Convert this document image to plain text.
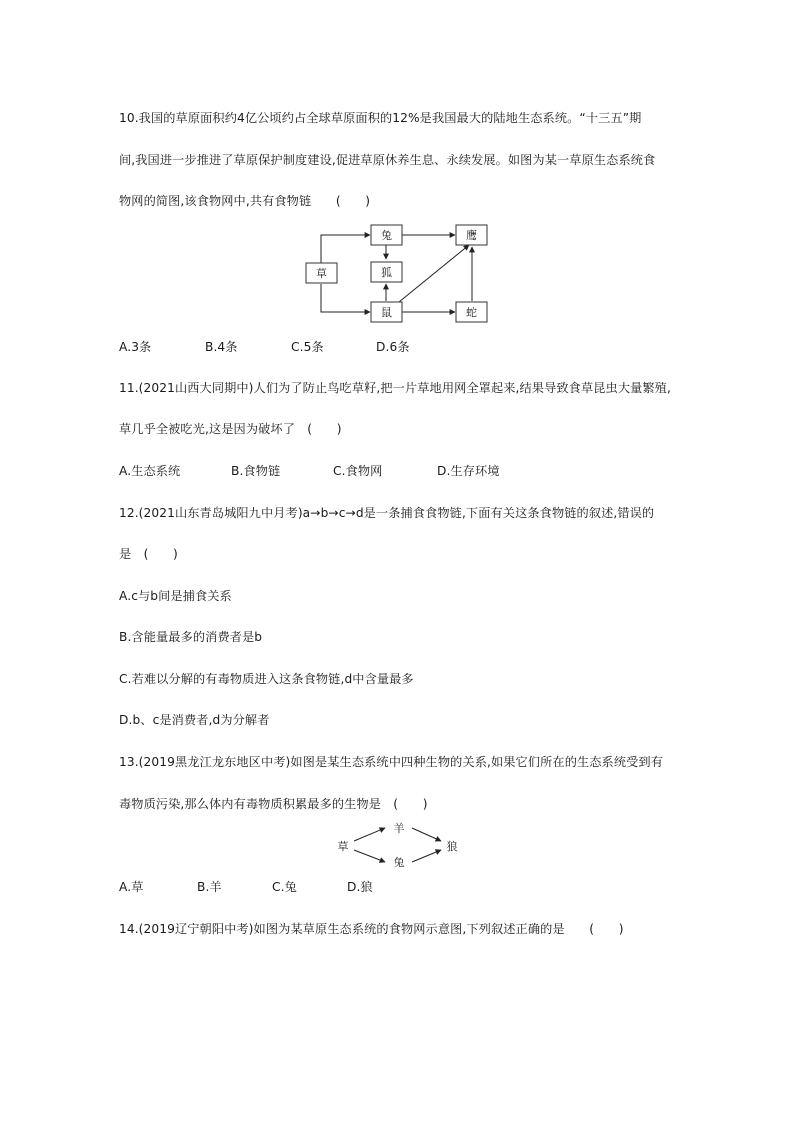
10.我国的草原面积约4亿公顷约占全球草原面积的12%是我国最大的陆地生态系统。“十三五”期
间,我国进一步推进了草原保护制度建设,促进草原休养生息、永续发展。如图为某一草原生态系统食
物网的简图,该食物网中,共有食物链　　(　　)
兔	鹰
草	狐
鼠	蛇
A.3条	B.4条	C.5条	D.6条
11.(2021山西大同期中)人们为了防止鸟吃草籽,把一片草地用网全罩起来,结果导致食草昆虫大量繁殖,
草几乎全被吃光,这是因为破坏了　(　　)
A.生态系统	B.食物链	C.食物网	D.生存环境
12.(2021山东青岛城阳九中月考)a→b→c→d是一条捕食食物链,下面有关这条食物链的叙述,错误的
是　(　　)
A.c与b间是捕食关系
B.含能量最多的消费者是b
C.若难以分解的有毒物质进入这条食物链,d中含量最多
D.b、c是消费者,d为分解者
13.(2019黑龙江龙东地区中考)如图是某生态系统中四种生物的关系,如果它们所在的生态系统受到有
毒物质污染,那么体内有毒物质积累最多的生物是　(　　)
草
羊
兔
狼
A.草	B.羊	C.兔	D.狼
14.(2019辽宁朝阳中考)如图为某草原生态系统的食物网示意图,下列叙述正确的是　　(　　)
